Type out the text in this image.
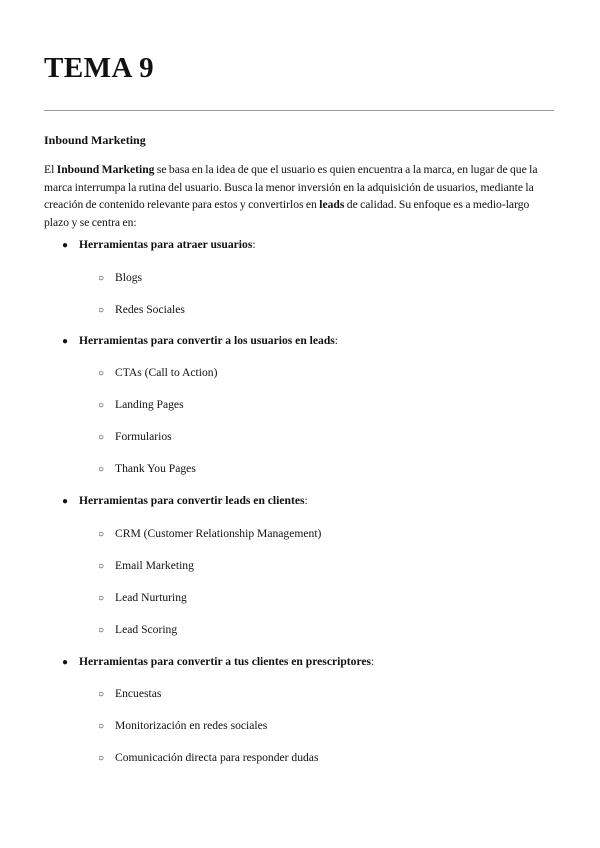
TEMA 9
Inbound Marketing

El Inbound Marketing se basa en la idea de que el usuario es quien encuentra a la marca, en lugar de que la marca interrumpa la rutina del usuario. Busca la menor inversión en la adquisición de usuarios, mediante la creación de contenido relevante para estos y convertirlos en leads de calidad. Su enfoque es a medio-largo plazo y se centra en:

● Herramientas para atraer usuarios:

○ Blogs

○ Redes Sociales

● Herramientas para convertir a los usuarios en leads:

○ CTAs (Call to Action)

○ Landing Pages

○ Formularios

○ Thank You Pages

● Herramientas para convertir leads en clientes:

○ CRM (Customer Relationship Management)

○ Email Marketing

○ Lead Nurturing

○ Lead Scoring

● Herramientas para convertir a tus clientes en prescriptores:

○ Encuestas

○ Monitorización en redes sociales

○ Comunicación directa para responder dudas
